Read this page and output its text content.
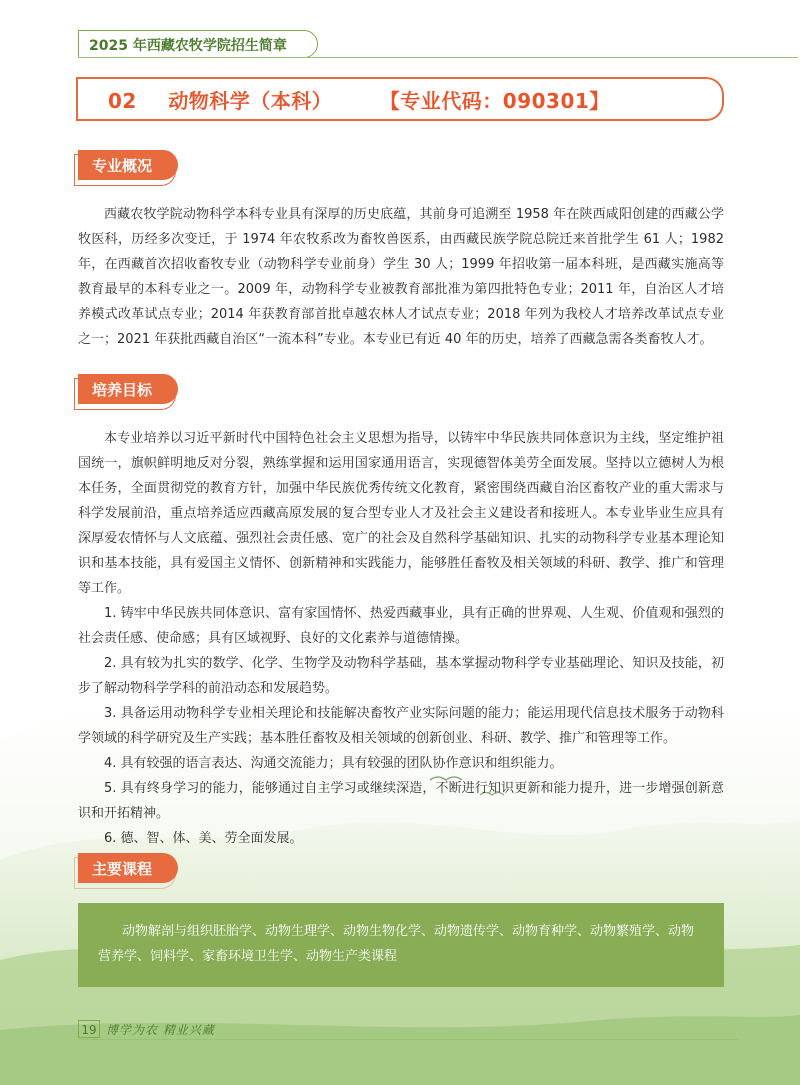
2025 年西藏农牧学院招生简章
02 动物科学（本科） 【专业代码：090301】
专业概况

西藏农牧学院动物科学本科专业具有深厚的历史底蕴，其前身可追溯至 1958 年在陕西咸阳创建的西藏公学牧医科，历经多次变迁，于 1974 年农牧系改为畜牧兽医系，由西藏民族学院总院迁来首批学生 61 人；1982 年，在西藏首次招收畜牧专业（动物科学专业前身）学生 30 人；1999 年招收第一届本科班，是西藏实施高等教育最早的本科专业之一。2009 年，动物科学专业被教育部批准为第四批特色专业；2011 年，自治区人才培养模式改革试点专业；2014 年获教育部首批卓越农林人才试点专业；2018 年列为我校人才培养改革试点专业之一；2021 年获批西藏自治区“一流本科”专业。本专业已有近 40 年的历史，培养了西藏急需各类畜牧人才。

培养目标

本专业培养以习近平新时代中国特色社会主义思想为指导，以铸牢中华民族共同体意识为主线，坚定维护祖国统一，旗帜鲜明地反对分裂，熟练掌握和运用国家通用语言，实现德智体美劳全面发展。坚持以立德树人为根本任务，全面贯彻党的教育方针，加强中华民族优秀传统文化教育，紧密围绕西藏自治区畜牧产业的重大需求与科学发展前沿，重点培养适应西藏高原发展的复合型专业人才及社会主义建设者和接班人。本专业毕业生应具有深厚爱农情怀与人文底蕴、强烈社会责任感、宽广的社会及自然科学基础知识、扎实的动物科学专业基本理论知识和基本技能，具有爱国主义情怀、创新精神和实践能力，能够胜任畜牧及相关领域的科研、教学、推广和管理等工作。

1. 铸牢中华民族共同体意识、富有家国情怀、热爱西藏事业，具有正确的世界观、人生观、价值观和强烈的社会责任感、使命感；具有区域视野、良好的文化素养与道德情操。

2. 具有较为扎实的数学、化学、生物学及动物科学基础，基本掌握动物科学专业基础理论、知识及技能，初步了解动物科学学科的前沿动态和发展趋势。

3. 具备运用动物科学专业相关理论和技能解决畜牧产业实际问题的能力；能运用现代信息技术服务于动物科学领域的科学研究及生产实践；基本胜任畜牧及相关领域的创新创业、科研、教学、推广和管理等工作。

4. 具有较强的语言表达、沟通交流能力；具有较强的团队协作意识和组织能力。

5. 具有终身学习的能力，能够通过自主学习或继续深造，不断进行知识更新和能力提升，进一步增强创新意识和开拓精神。

6. 德、智、体、美、劳全面发展。

主要课程

动物解剖与组织胚胎学、动物生理学、动物生物化学、动物遗传学、动物育种学、动物繁殖学、动物营养学、饲料学、家畜环境卫生学、动物生产类课程

19 博学为农 精业兴藏
